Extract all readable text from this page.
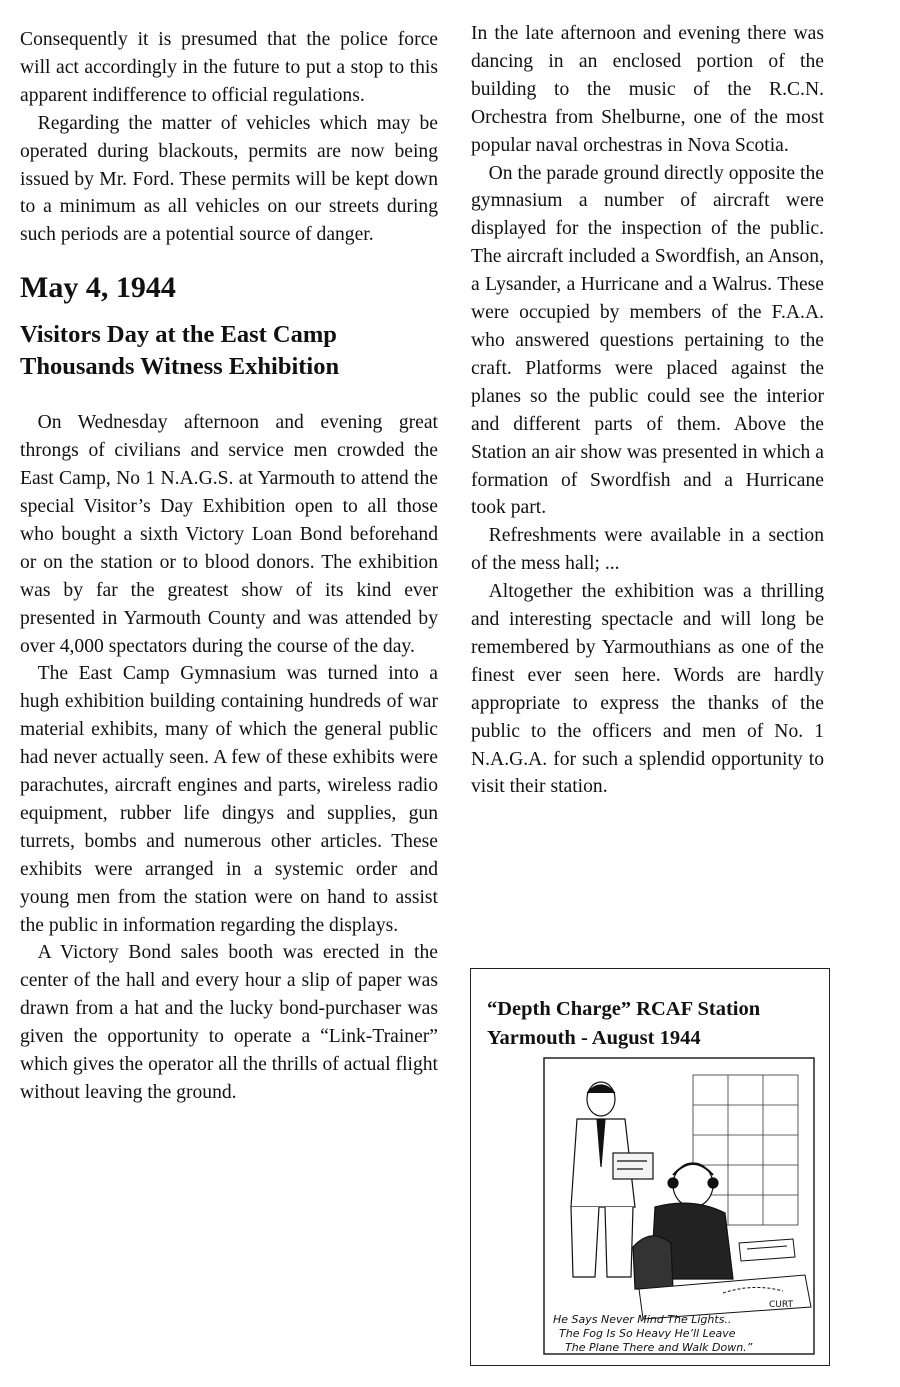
Consequently it is presumed that the police force will act accordingly in the future to put a stop to this apparent indifference to official regulations.

Regarding the matter of vehicles which may be operated during blackouts, permits are now being issued by Mr. Ford. These permits will be kept down to a minimum as all vehicles on our streets during such periods are a potential source of danger.

May 4, 1944
Visitors Day at the East Camp
Thousands Witness Exhibition

On Wednesday afternoon and evening great throngs of civilians and service men crowded the East Camp, No 1 N.A.G.S. at Yarmouth to attend the special Visitor’s Day Exhibition open to all those who bought a sixth Victory Loan Bond beforehand or on the station or to blood donors. The exhibition was by far the greatest show of its kind ever presented in Yarmouth County and was attended by over 4,000 spectators during the course of the day.

The East Camp Gymnasium was turned into a hugh exhibition building containing hundreds of war material exhibits, many of which the general public had never actually seen. A few of these exhibits were parachutes, aircraft engines and parts, wireless radio equipment, rubber life dingys and supplies, gun turrets, bombs and numerous other articles. These exhibits were arranged in a systemic order and young men from the station were on hand to assist the public in information regarding the displays.

A Victory Bond sales booth was erected in the center of the hall and every hour a slip of paper was drawn from a hat and the lucky bond-purchaser was given the opportunity to operate a “Link-Trainer” which gives the operator all the thrills of actual flight without leaving the ground.

In the late afternoon and evening there was dancing in an enclosed portion of the building to the music of the R.C.N. Orchestra from Shelburne, one of the most popular naval orchestras in Nova Scotia.

On the parade ground directly opposite the gymnasium a number of aircraft were displayed for the inspection of the public. The aircraft included a Swordfish, an Anson, a Lysander, a Hurricane and a Walrus. These were occupied by members of the F.A.A. who answered questions pertaining to the craft. Platforms were placed against the planes so the public could see the interior and different parts of them. Above the Station an air show was presented in which a formation of Swordfish and a Hurricane took part.

Refreshments were available in a section of the mess hall; ...

Altogether the exhibition was a thrilling and interesting spectacle and will long be remembered by Yarmouthians as one of the finest ever seen here. Words are hardly appropriate to express the thanks of the public to the officers and men of No. 1 N.A.G.A. for such a splendid opportunity to visit their station.

“Depth Charge” RCAF Station
Yarmouth - August 1944
He Says Never Mind The Lights..
The Fog Is So Heavy He’ll Leave
The Plane There and Walk Down.”
CURT
